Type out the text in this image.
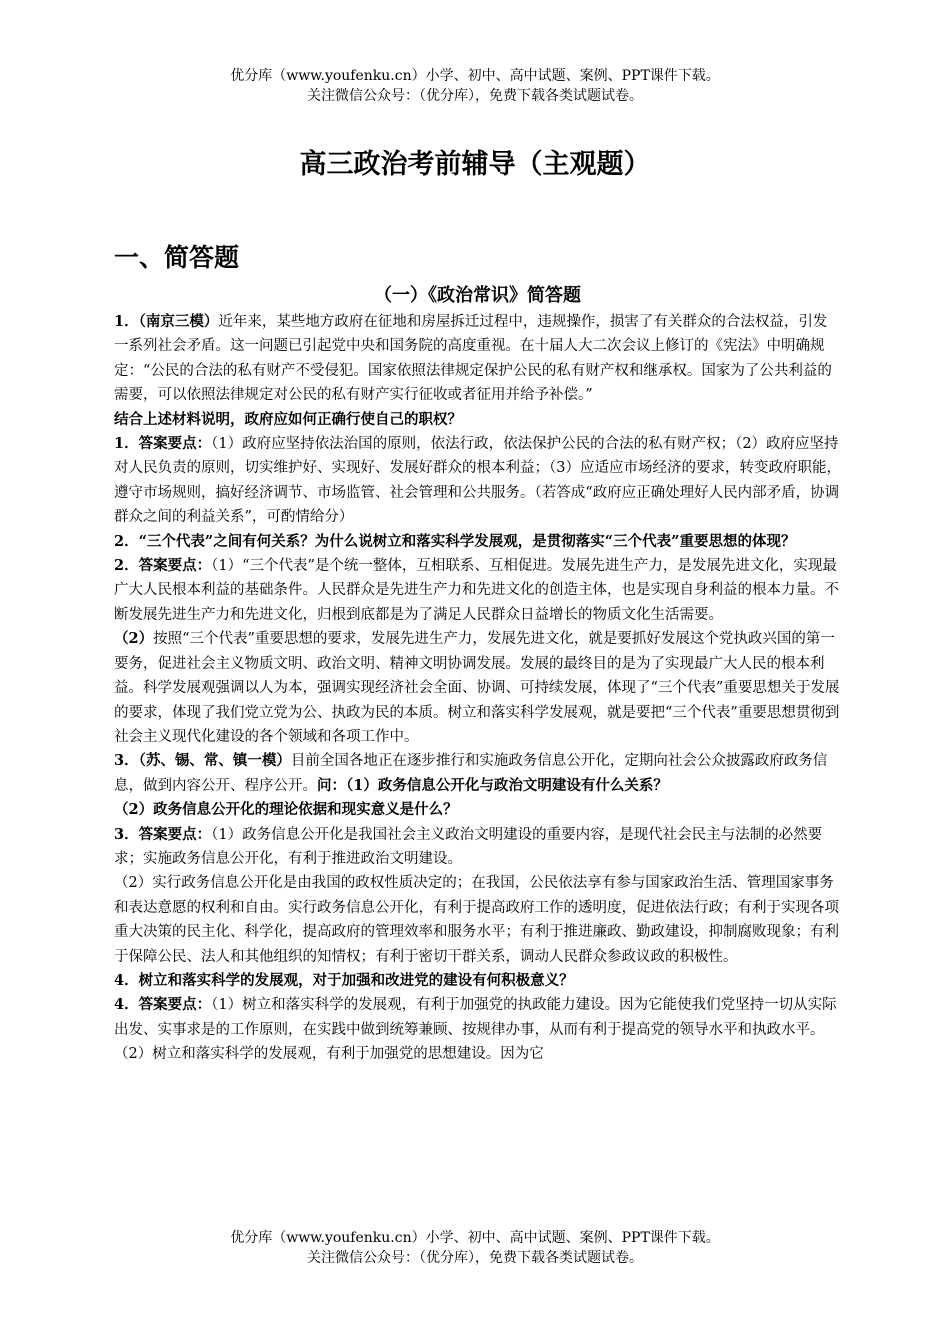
优分库（www.youfenku.cn）小学、初中、高中试题、案例、PPT课件下载。
关注微信公众号：（优分库），免费下载各类试题试卷。
高三政治考前辅导（主观题）
一、简答题
（一）《政治常识》简答题

1．（南京三模）近年来，某些地方政府在征地和房屋拆迁过程中，违规操作，损害了有关群众的合法权益，引发一系列社会矛盾。这一问题已引起党中央和国务院的高度重视。在十届人大二次会议上修订的《宪法》中明确规定：“公民的合法的私有财产不受侵犯。国家依照法律规定保护公民的私有财产权和继承权。国家为了公共利益的需要，可以依照法律规定对公民的私有财产实行征收或者征用并给予补偿。”

结合上述材料说明，政府应如何正确行使自己的职权？

1．答案要点：（1）政府应坚持依法治国的原则，依法行政，依法保护公民的合法的私有财产权；（2）政府应坚持对人民负责的原则，切实维护好、实现好、发展好群众的根本利益；（3）应适应市场经济的要求，转变政府职能，遵守市场规则，搞好经济调节、市场监管、社会管理和公共服务。（若答成“政府应正确处理好人民内部矛盾，协调群众之间的利益关系”，可酌情给分）

2．“三个代表”之间有何关系？为什么说树立和落实科学发展观，是贯彻落实“三个代表”重要思想的体现？

2．答案要点：（1）“三个代表”是个统一整体，互相联系、互相促进。发展先进生产力，是发展先进文化，实现最广大人民根本利益的基础条件。人民群众是先进生产力和先进文化的创造主体，也是实现自身利益的根本力量。不断发展先进生产力和先进文化，归根到底都是为了满足人民群众日益增长的物质文化生活需要。

（2）按照“三个代表”重要思想的要求，发展先进生产力，发展先进文化，就是要抓好发展这个党执政兴国的第一要务，促进社会主义物质文明、政治文明、精神文明协调发展。发展的最终目的是为了实现最广大人民的根本利益。科学发展观强调以人为本，强调实现经济社会全面、协调、可持续发展，体现了“三个代表”重要思想关于发展的要求，体现了我们党立党为公、执政为民的本质。树立和落实科学发展观，就是要把“三个代表”重要思想贯彻到社会主义现代化建设的各个领域和各项工作中。

3．（苏、锡、常、镇一模）目前全国各地正在逐步推行和实施政务信息公开化，定期向社会公众披露政府政务信息，做到内容公开、程序公开。问：（1）政务信息公开化与政治文明建设有什么关系？

（2）政务信息公开化的理论依据和现实意义是什么？

3．答案要点：（1）政务信息公开化是我国社会主义政治文明建设的重要内容，是现代社会民主与法制的必然要求；实施政务信息公开化，有利于推进政治文明建设。

（2）实行政务信息公开化是由我国的政权性质决定的；在我国，公民依法享有参与国家政治生活、管理国家事务和表达意愿的权利和自由。实行政务信息公开化，有利于提高政府工作的透明度，促进依法行政；有利于实现各项重大决策的民主化、科学化，提高政府的管理效率和服务水平；有利于推进廉政、勤政建设，抑制腐败现象；有利于保障公民、法人和其他组织的知情权；有利于密切干群关系，调动人民群众参政议政的积极性。

4．树立和落实科学的发展观，对于加强和改进党的建设有何积极意义？

4．答案要点：（1）树立和落实科学的发展观，有利于加强党的执政能力建设。因为它能使我们党坚持一切从实际出发、实事求是的工作原则，在实践中做到统筹兼顾、按规律办事，从而有利于提高党的领导水平和执政水平。（2）树立和落实科学的发展观，有利于加强党的思想建设。因为它

优分库（www.youfenku.cn）小学、初中、高中试题、案例、PPT课件下载。
关注微信公众号：（优分库），免费下载各类试题试卷。
